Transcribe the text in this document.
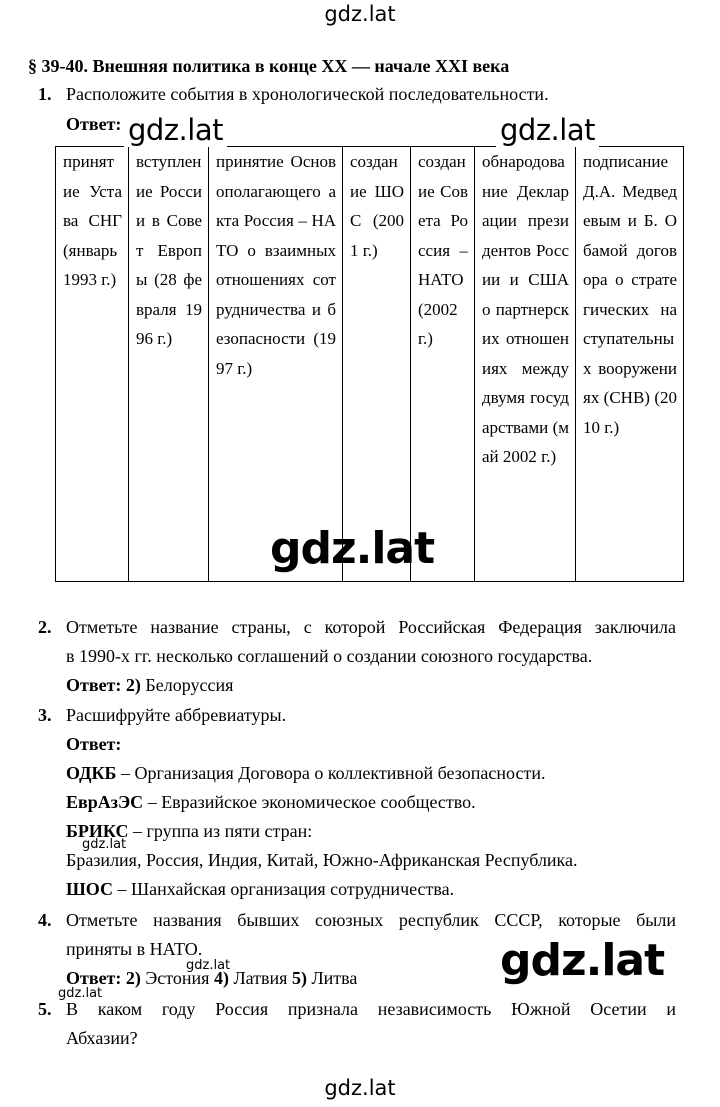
gdz.lat
§ 39-40. Внешняя политика в конце XX — начале XXI века
1. Расположите события в хронологической последовательности.
Ответ:
принятие Устава СНГ (январь 1993 г.)	вступление России в Совет Европы (28 февраля 1996 г.)	принятие Основополагающего акта Россия – НАТО о взаимных отношениях сотрудничества и безопасности (1997 г.)	создание ШОС (2001 г.)	создание Совета Россия – НАТО (2002 г.)	обнародование Декларации президентов России и США о партнерских отношениях между двумя государствами (май 2002 г.)	подписание Д.А. Медведевым и Б. Обамой договора о стратегических наступательных вооружениях (СНВ) (2010 г.)
2. Отметьте название страны, с которой Российская Федерация заключила
в 1990-х гг. несколько соглашений о создании союзного государства.
Ответ: 2) Белоруссия
3. Расшифруйте аббревиатуры.
Ответ:
ОДКБ – Организация Договора о коллективной безопасности.
ЕврАзЭС – Евразийское экономическое сообщество.
БРИКС – группа из пяти стран:
Бразилия, Россия, Индия, Китай, Южно-Африканская Республика.
ШОС – Шанхайская организация сотрудничества.
4. Отметьте названия бывших союзных республик СССР, которые были
приняты в НАТО.
Ответ: 2) Эстония 4) Латвия 5) Литва
5. В каком году Россия признала независимость Южной Осетии и
Абхазии?
gdz.lat	gdz.lat
gdz.lat
gdz.lat
gdz.lat
gdz.lat
gdz.lat
gdz.lat
